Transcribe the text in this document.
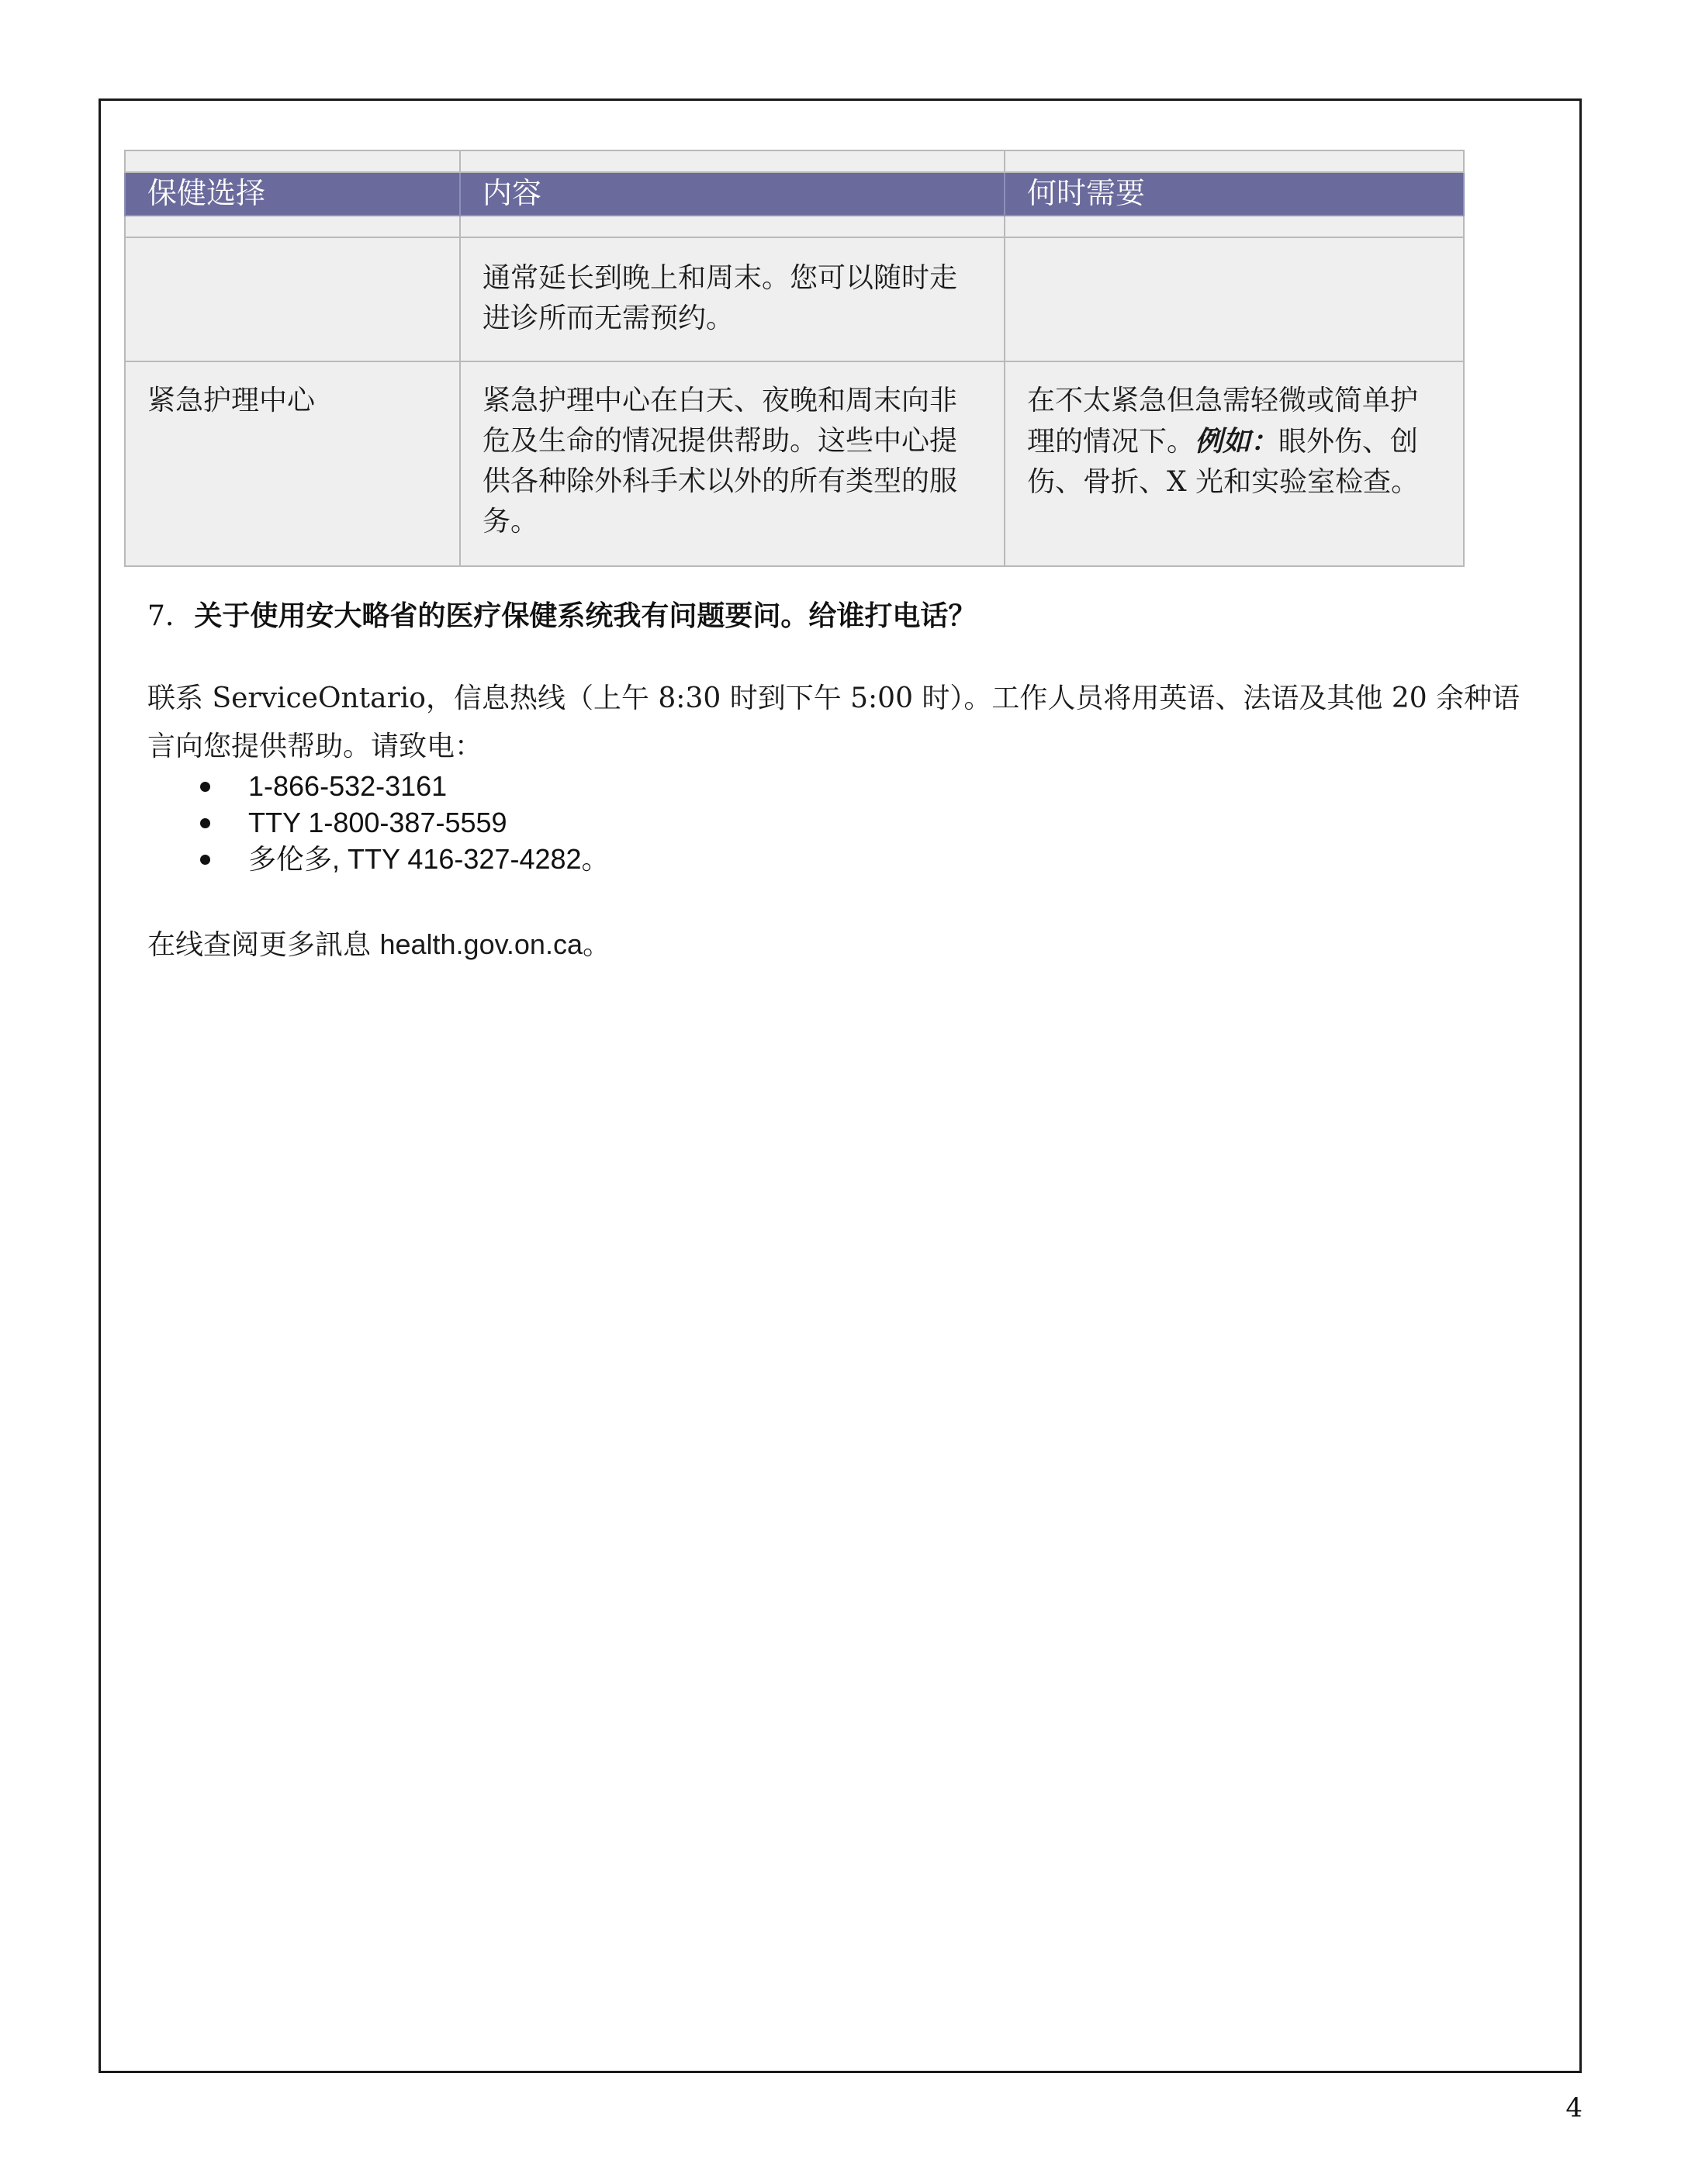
保健选择	内容	何时需要

	通常延长到晚上和周末。您可以随时走进诊所而无需预约。	

紧急护理中心	紧急护理中心在白天、夜晚和周末向非危及生命的情况提供帮助。这些中心提供各种除外科手术以外的所有类型的服务。	在不太紧急但急需轻微或简单护理的情况下。例如：眼外伤、创伤、骨折、X 光和实验室检查。
7. 关于使用安大略省的医疗保健系统我有问题要问。给谁打电话？
联系 ServiceOntario，信息热线（上午 8:30 时到下午 5:00 时）。工作人员将用英语、法语及其他 20 余种语言向您提供帮助。请致电：
1-866-532-3161
TTY 1-800-387-5559
多伦多, TTY 416-327-4282。
在线查阅更多訊息 health.gov.on.ca。
4
